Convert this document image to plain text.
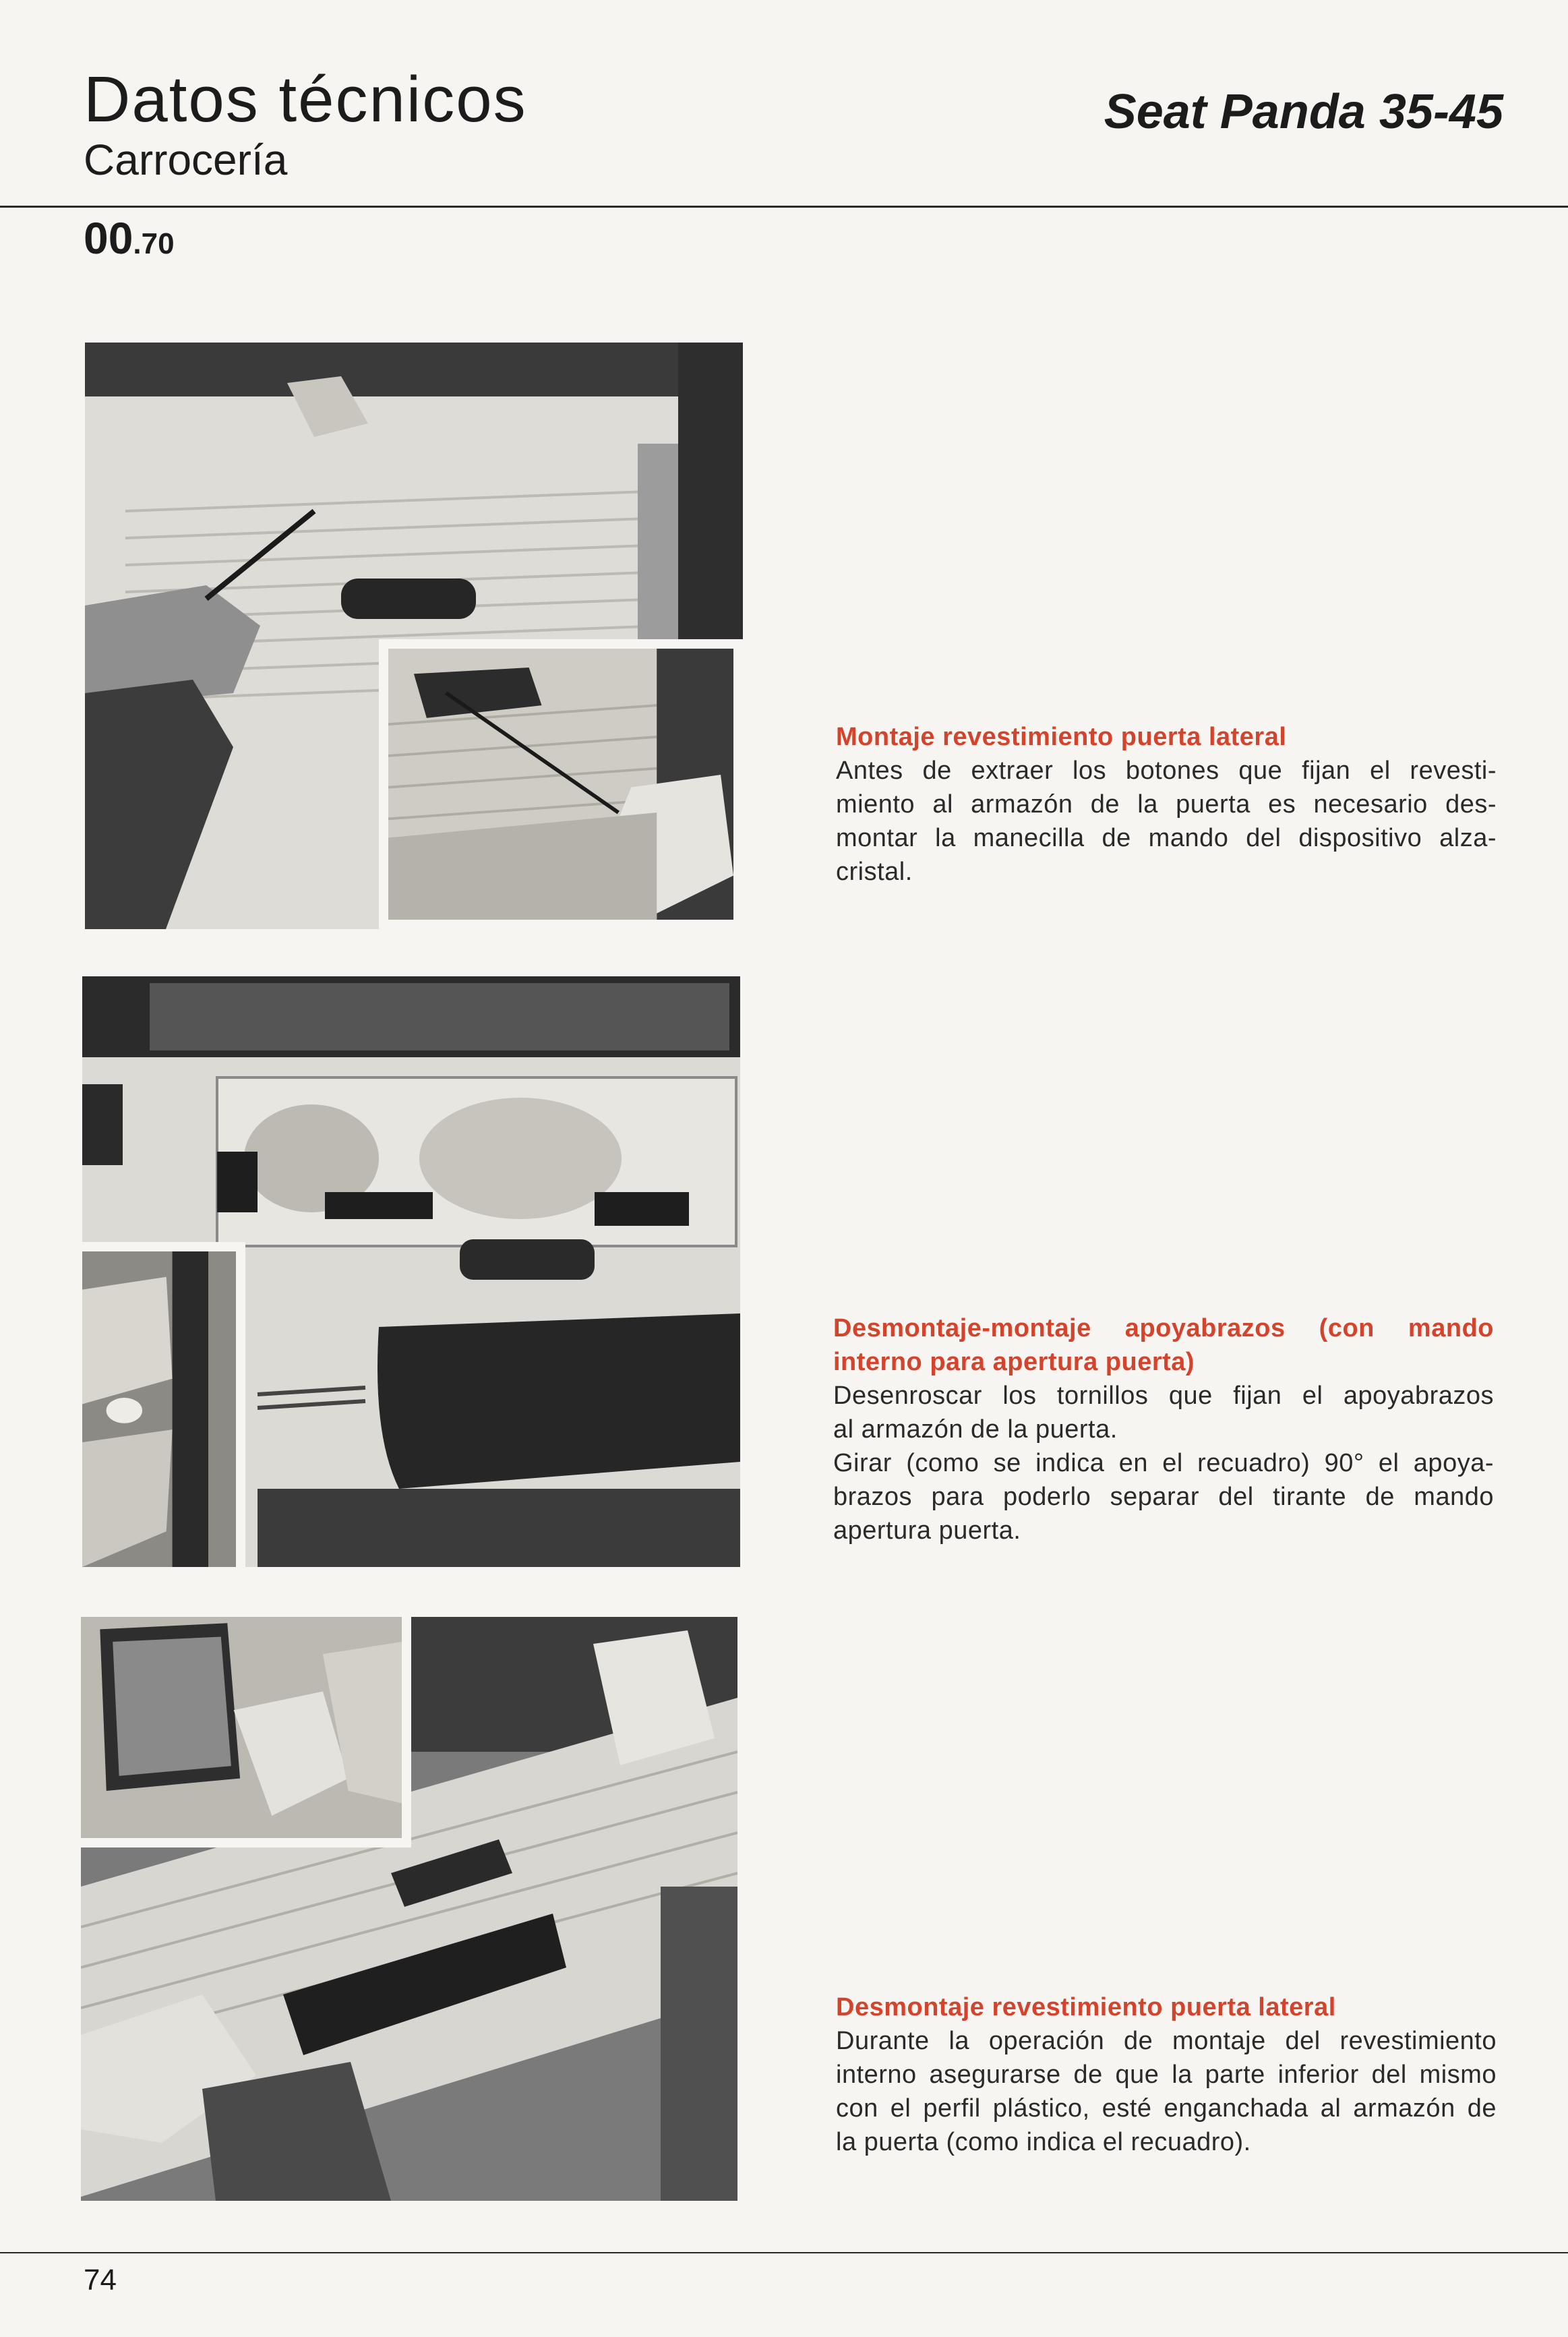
Datos técnicos
Carrocería
Seat Panda 35-45
00.70
Montaje revestimiento puerta lateral
Antes de extraer los botones que fijan el revesti-
miento al armazón de la puerta es necesario des-
montar la manecilla de mando del dispositivo alza-
cristal.
Desmontaje-montaje apoyabrazos (con mando
interno para apertura puerta)
Desenroscar los tornillos que fijan el apoyabrazos
al armazón de la puerta.
Girar (como se indica en el recuadro) 90° el apoya-
brazos para poderlo separar del tirante de mando
apertura puerta.
Desmontaje revestimiento puerta lateral
Durante la operación de montaje del revestimiento
interno asegurarse de que la parte inferior del mismo
con el perfil plástico, esté enganchada al armazón de
la puerta (como indica el recuadro).
74
